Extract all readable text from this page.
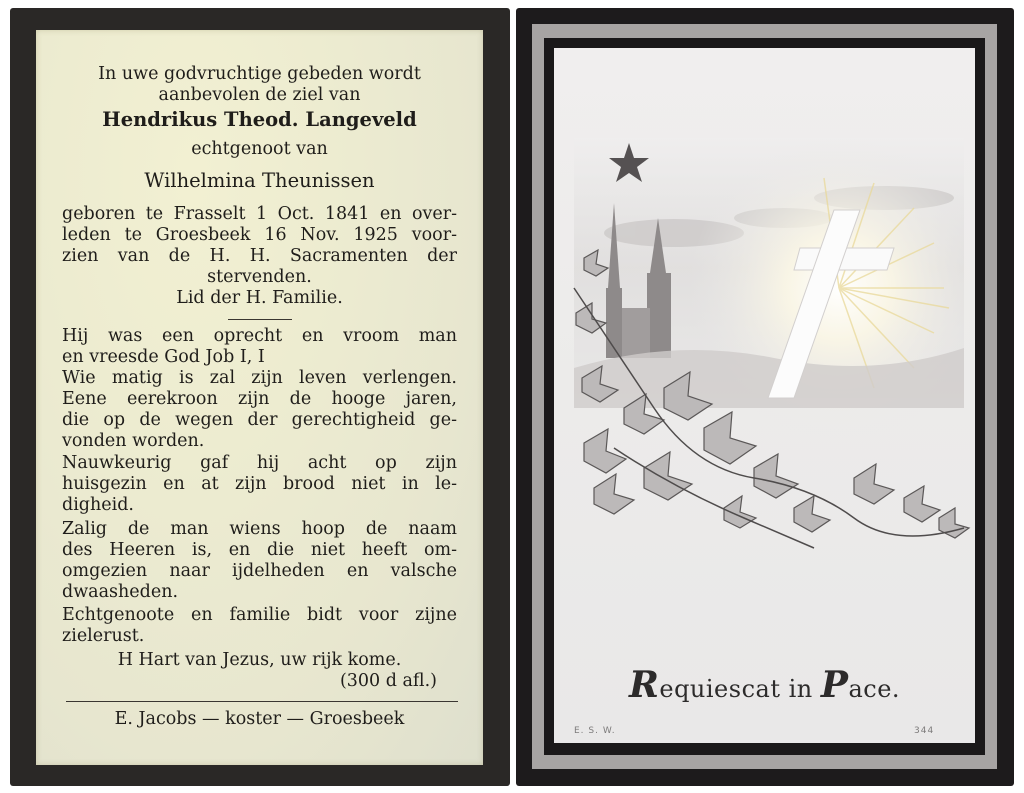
In uwe godvruchtige gebeden wordt
aanbevolen de ziel van
Hendrikus Theod. Langeveld
echtgenoot van
Wilhelmina Theunissen
geboren te Frasselt 1 Oct. 1841 en over-
leden te Groesbeek 16 Nov. 1925 voor-
zien van de H. H. Sacramenten der
stervenden.
Lid der H. Familie.
Hij was een oprecht en vroom man
en vreesde God Job I, I
Wie matig is zal zijn leven verlengen.
Eene eerekroon zijn de hooge jaren,
die op de wegen der gerechtigheid ge-
vonden worden.
Nauwkeurig gaf hij acht op zijn
huisgezin en at zijn brood niet in le-
digheid.
Zalig de man wiens hoop de naam
des Heeren is, en die niet heeft om-
omgezien naar ijdelheden en valsche
dwaasheden.
Echtgenoote en familie bidt voor zijne
zielerust.
H Hart van Jezus, uw rijk kome.
(300 d afl.)
E. Jacobs — koster — Groesbeek
Requiescat in Pace.
E. S. W.	344
